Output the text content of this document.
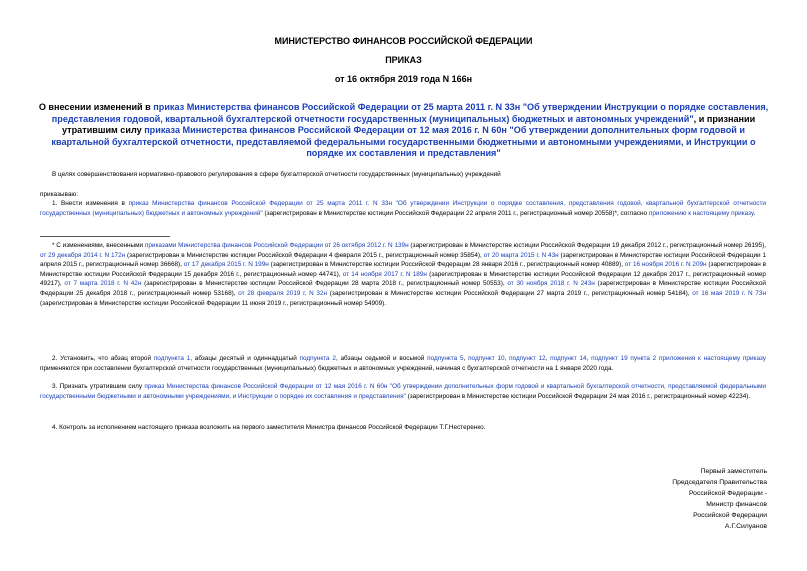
МИНИСТЕРСТВО ФИНАНСОВ РОССИЙСКОЙ ФЕДЕРАЦИИ
ПРИКАЗ
от 16 октября 2019 года N 166н
О внесении изменений в приказ Министерства финансов Российской Федерации от 25 марта 2011 г. N 33н "Об утверждении Инструкции о порядке составления, представления годовой, квартальной бухгалтерской отчетности государственных (муниципальных) бюджетных и автономных учреждений", и признании утратившим силу приказа Министерства финансов Российской Федерации от 12 мая 2016 г. N 60н "Об утверждении дополнительных форм годовой и квартальной бухгалтерской отчетности, представляемой федеральными государственными бюджетными и автономными учреждениями, и Инструкции о порядке их составления и представления"
В целях совершенствования нормативно-правового регулирования в сфере бухгалтерской отчетности государственных (муниципальных) учреждений
приказываю:
1. Внести изменения в приказ Министерства финансов Российской Федерации от 25 марта 2011 г. N 33н "Об утверждении Инструкции о порядке составления, представления годовой, квартальной бухгалтерской отчетности государственных (муниципальных) бюджетных и автономных учреждений" (зарегистрирован в Министерстве юстиции Российской Федерации 22 апреля 2011 г., регистрационный номер 20558)*, согласно приложению к настоящему приказу.
* С изменениями, внесенными приказами Министерства финансов Российской Федерации от 26 октября 2012 г. N 139н (зарегистрирован в Министерстве юстиции Российской Федерации 19 декабря 2012 г., регистрационный номер 26195), от 29 декабря 2014 г. N 172н (зарегистрирован в Министерстве юстиции Российской Федерации 4 февраля 2015 г., регистрационный номер 35854), от 20 марта 2015 г. N 43н (зарегистрирован в Министерстве юстиции Российской Федерации 1 апреля 2015 г., регистрационный номер 36668), от 17 декабря 2015 г. N 199н (зарегистрирован в Министерстве юстиции Российской Федерации 28 января 2016 г., регистрационный номер 40889), от 16 ноября 2016 г. N 209н (зарегистрирован в Министерстве юстиции Российской Федерации 15 декабря 2016 г., регистрационный номер 44741), от 14 ноября 2017 г. N 189н (зарегистрирован в Министерстве юстиции Российской Федерации 12 декабря 2017 г., регистрационный номер 49217), от 7 марта 2018 г. N 42н (зарегистрирован в Министерстве юстиции Российской Федерации 28 марта 2018 г., регистрационный номер 50553), от 30 ноября 2018 г. N 243н (зарегистрирован в Министерстве юстиции Российской Федерации 25 декабря 2018 г., регистрационный номер 53168), от 28 февраля 2019 г. N 32н (зарегистрирован в Министерстве юстиции Российской Федерации 27 марта 2019 г., регистрационный номер 54184), от 16 мая 2019 г. N 73н (зарегистрирован в Министерстве юстиции Российской Федерации 11 июня 2019 г., регистрационный номер 54909).
2. Установить, что абзац второй подпункта 1, абзацы десятый и одиннадцатый подпункта 2, абзацы седьмой и восьмой подпункта 5, подпункт 10, подпункт 12, подпункт 14, подпункт 19 пункта 2 приложения к настоящему приказу применяются при составлении бухгалтерской отчетности государственных (муниципальных) бюджетных и автономных учреждений, начиная с бухгалтерской отчетности на 1 января 2020 года.
3. Признать утратившим силу приказ Министерства финансов Российской Федерации от 12 мая 2016 г. N 60н "Об утверждении дополнительных форм годовой и квартальной бухгалтерской отчетности, представляемой федеральными государственными бюджетными и автономными учреждениями, и Инструкции о порядке их составления и представления" (зарегистрирован в Министерстве юстиции Российской Федерации 24 мая 2016 г., регистрационный номер 42234).
4. Контроль за исполнением настоящего приказа возложить на первого заместителя Министра финансов Российской Федерации Т.Г.Нестеренко.
Первый заместитель
Председателя Правительства
Российской Федерации -
Министр финансов
Российской Федерации
А.Г.Силуанов
